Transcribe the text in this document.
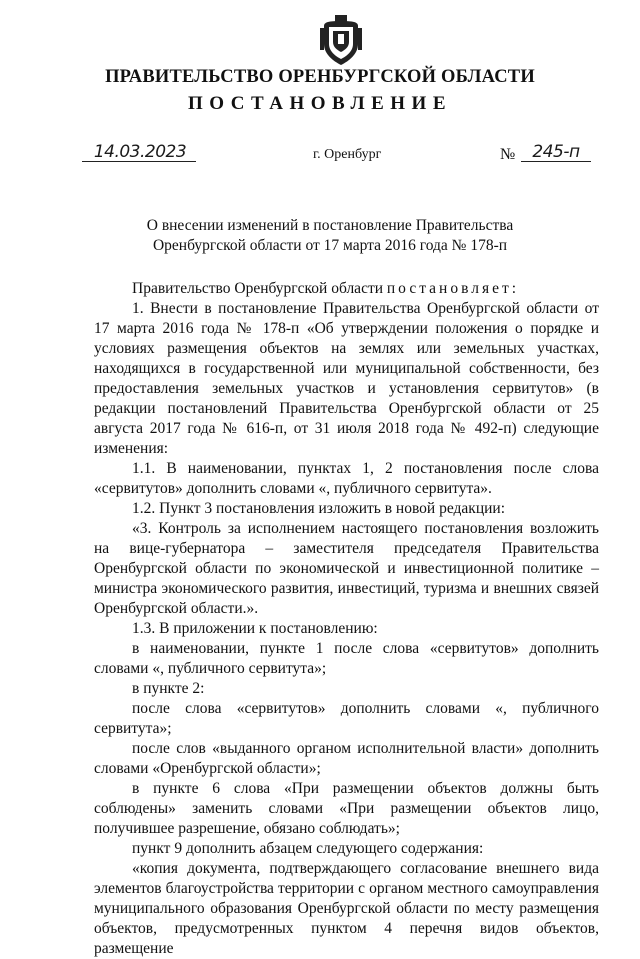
ПРАВИТЕЛЬСТВО ОРЕНБУРГСКОЙ ОБЛАСТИ
ПОСТАНОВЛЕНИЕ
14.03.2023	г. Оренбург	№	245-п
О внесении изменений в постановление Правительства
Оренбургской области от 17 марта 2016 года № 178-п

Правительство Оренбургской области постановляет:

1. Внести в постановление Правительства Оренбургской области от 17 марта 2016 года № 178-п «Об утверждении положения о порядке и условиях размещения объектов на землях или земельных участках, находящихся в государственной или муниципальной собственности, без предоставления земельных участков и установления сервитутов» (в редакции постановлений Правительства Оренбургской области от 25 августа 2017 года № 616-п, от 31 июля 2018 года № 492-п) следующие изменения:

1.1. В наименовании, пунктах 1, 2 постановления после слова «сервитутов» дополнить словами «, публичного сервитута».

1.2. Пункт 3 постановления изложить в новой редакции:

«3. Контроль за исполнением настоящего постановления возложить на вице-губернатора – заместителя председателя Правительства Оренбургской области по экономической и инвестиционной политике – министра экономического развития, инвестиций, туризма и внешних связей Оренбургской области.».

1.3. В приложении к постановлению:

в наименовании, пункте 1 после слова «сервитутов» дополнить словами «, публичного сервитута»;

в пункте 2:

после слова «сервитутов» дополнить словами «, публичного сервитута»;

после слов «выданного органом исполнительной власти» дополнить словами «Оренбургской области»;

в пункте 6 слова «При размещении объектов должны быть соблюдены» заменить словами «При размещении объектов лицо, получившее разрешение, обязано соблюдать»;

пункт 9 дополнить абзацем следующего содержания:

«копия документа, подтверждающего согласование внешнего вида элементов благоустройства территории с органом местного самоуправления муниципального образования Оренбургской области по месту размещения объектов, предусмотренных пунктом 4 перечня видов объектов, размещение
